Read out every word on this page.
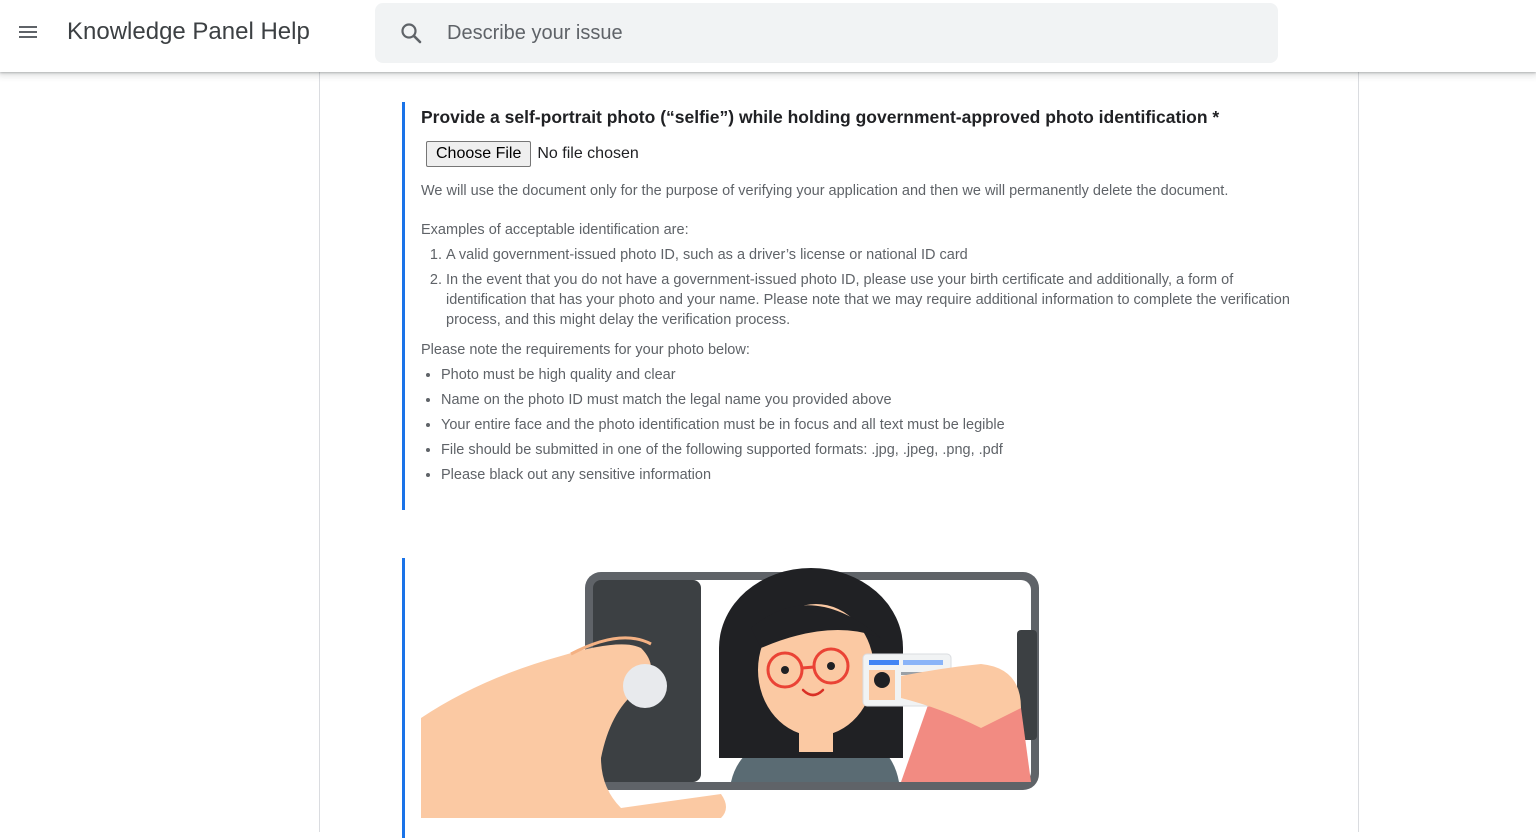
Knowledge Panel Help
Describe your issue

Provide a self-portrait photo (“selfie”) while holding government-approved photo identification *

Choose File	No file chosen

We will use the document only for the purpose of verifying your application and then we will permanently delete the document.

Examples of acceptable identification are:

1. A valid government-issued photo ID, such as a driver’s license or national ID card
2. In the event that you do not have a government-issued photo ID, please use your birth certificate and additionally, a form of identification that has your photo and your name. Please note that we may require additional information to complete the verification process, and this might delay the verification process.

Please note the requirements for your photo below:

• Photo must be high quality and clear
• Name on the photo ID must match the legal name you provided above
• Your entire face and the photo identification must be in focus and all text must be legible
• File should be submitted in one of the following supported formats: .jpg, .jpeg, .png, .pdf
• Please black out any sensitive information
